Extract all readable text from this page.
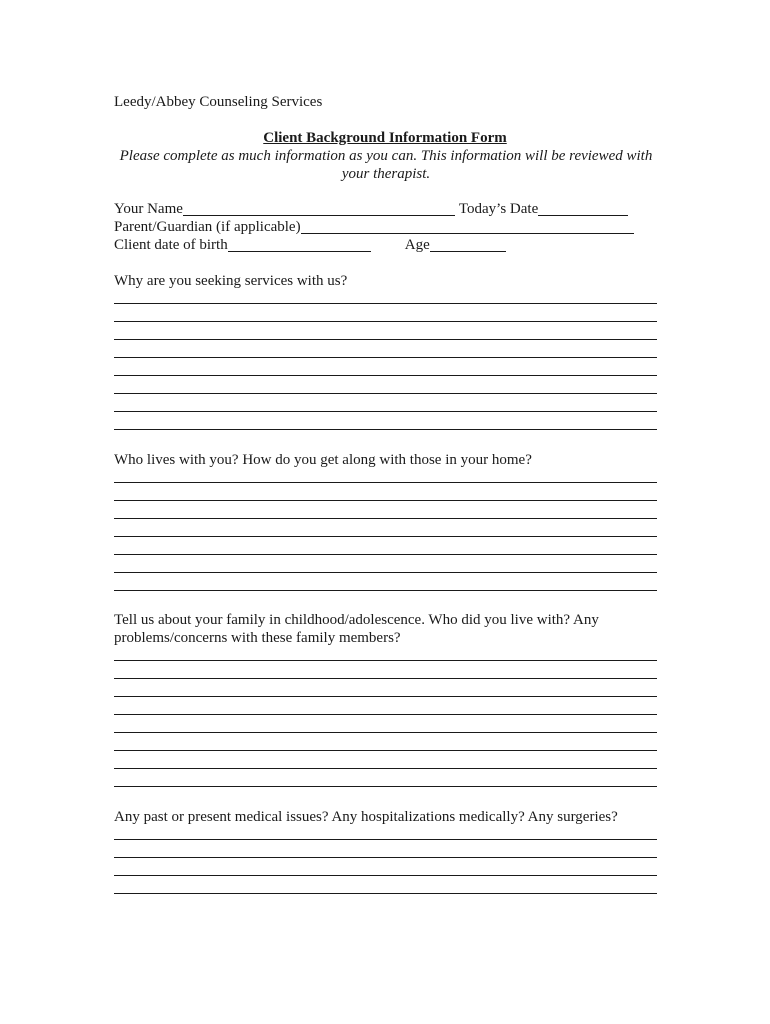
Leedy/Abbey Counseling Services
Client Background Information Form
Please complete as much information as you can. This information will be reviewed with your therapist.
Your Name	Today’s Date
Parent/Guardian (if applicable)
Client date of birth	Age
Why are you seeking services with us?
Who lives with you? How do you get along with those in your home?
Tell us about your family in childhood/adolescence. Who did you live with? Any problems/concerns with these family members?
Any past or present medical issues? Any hospitalizations medically? Any surgeries?
